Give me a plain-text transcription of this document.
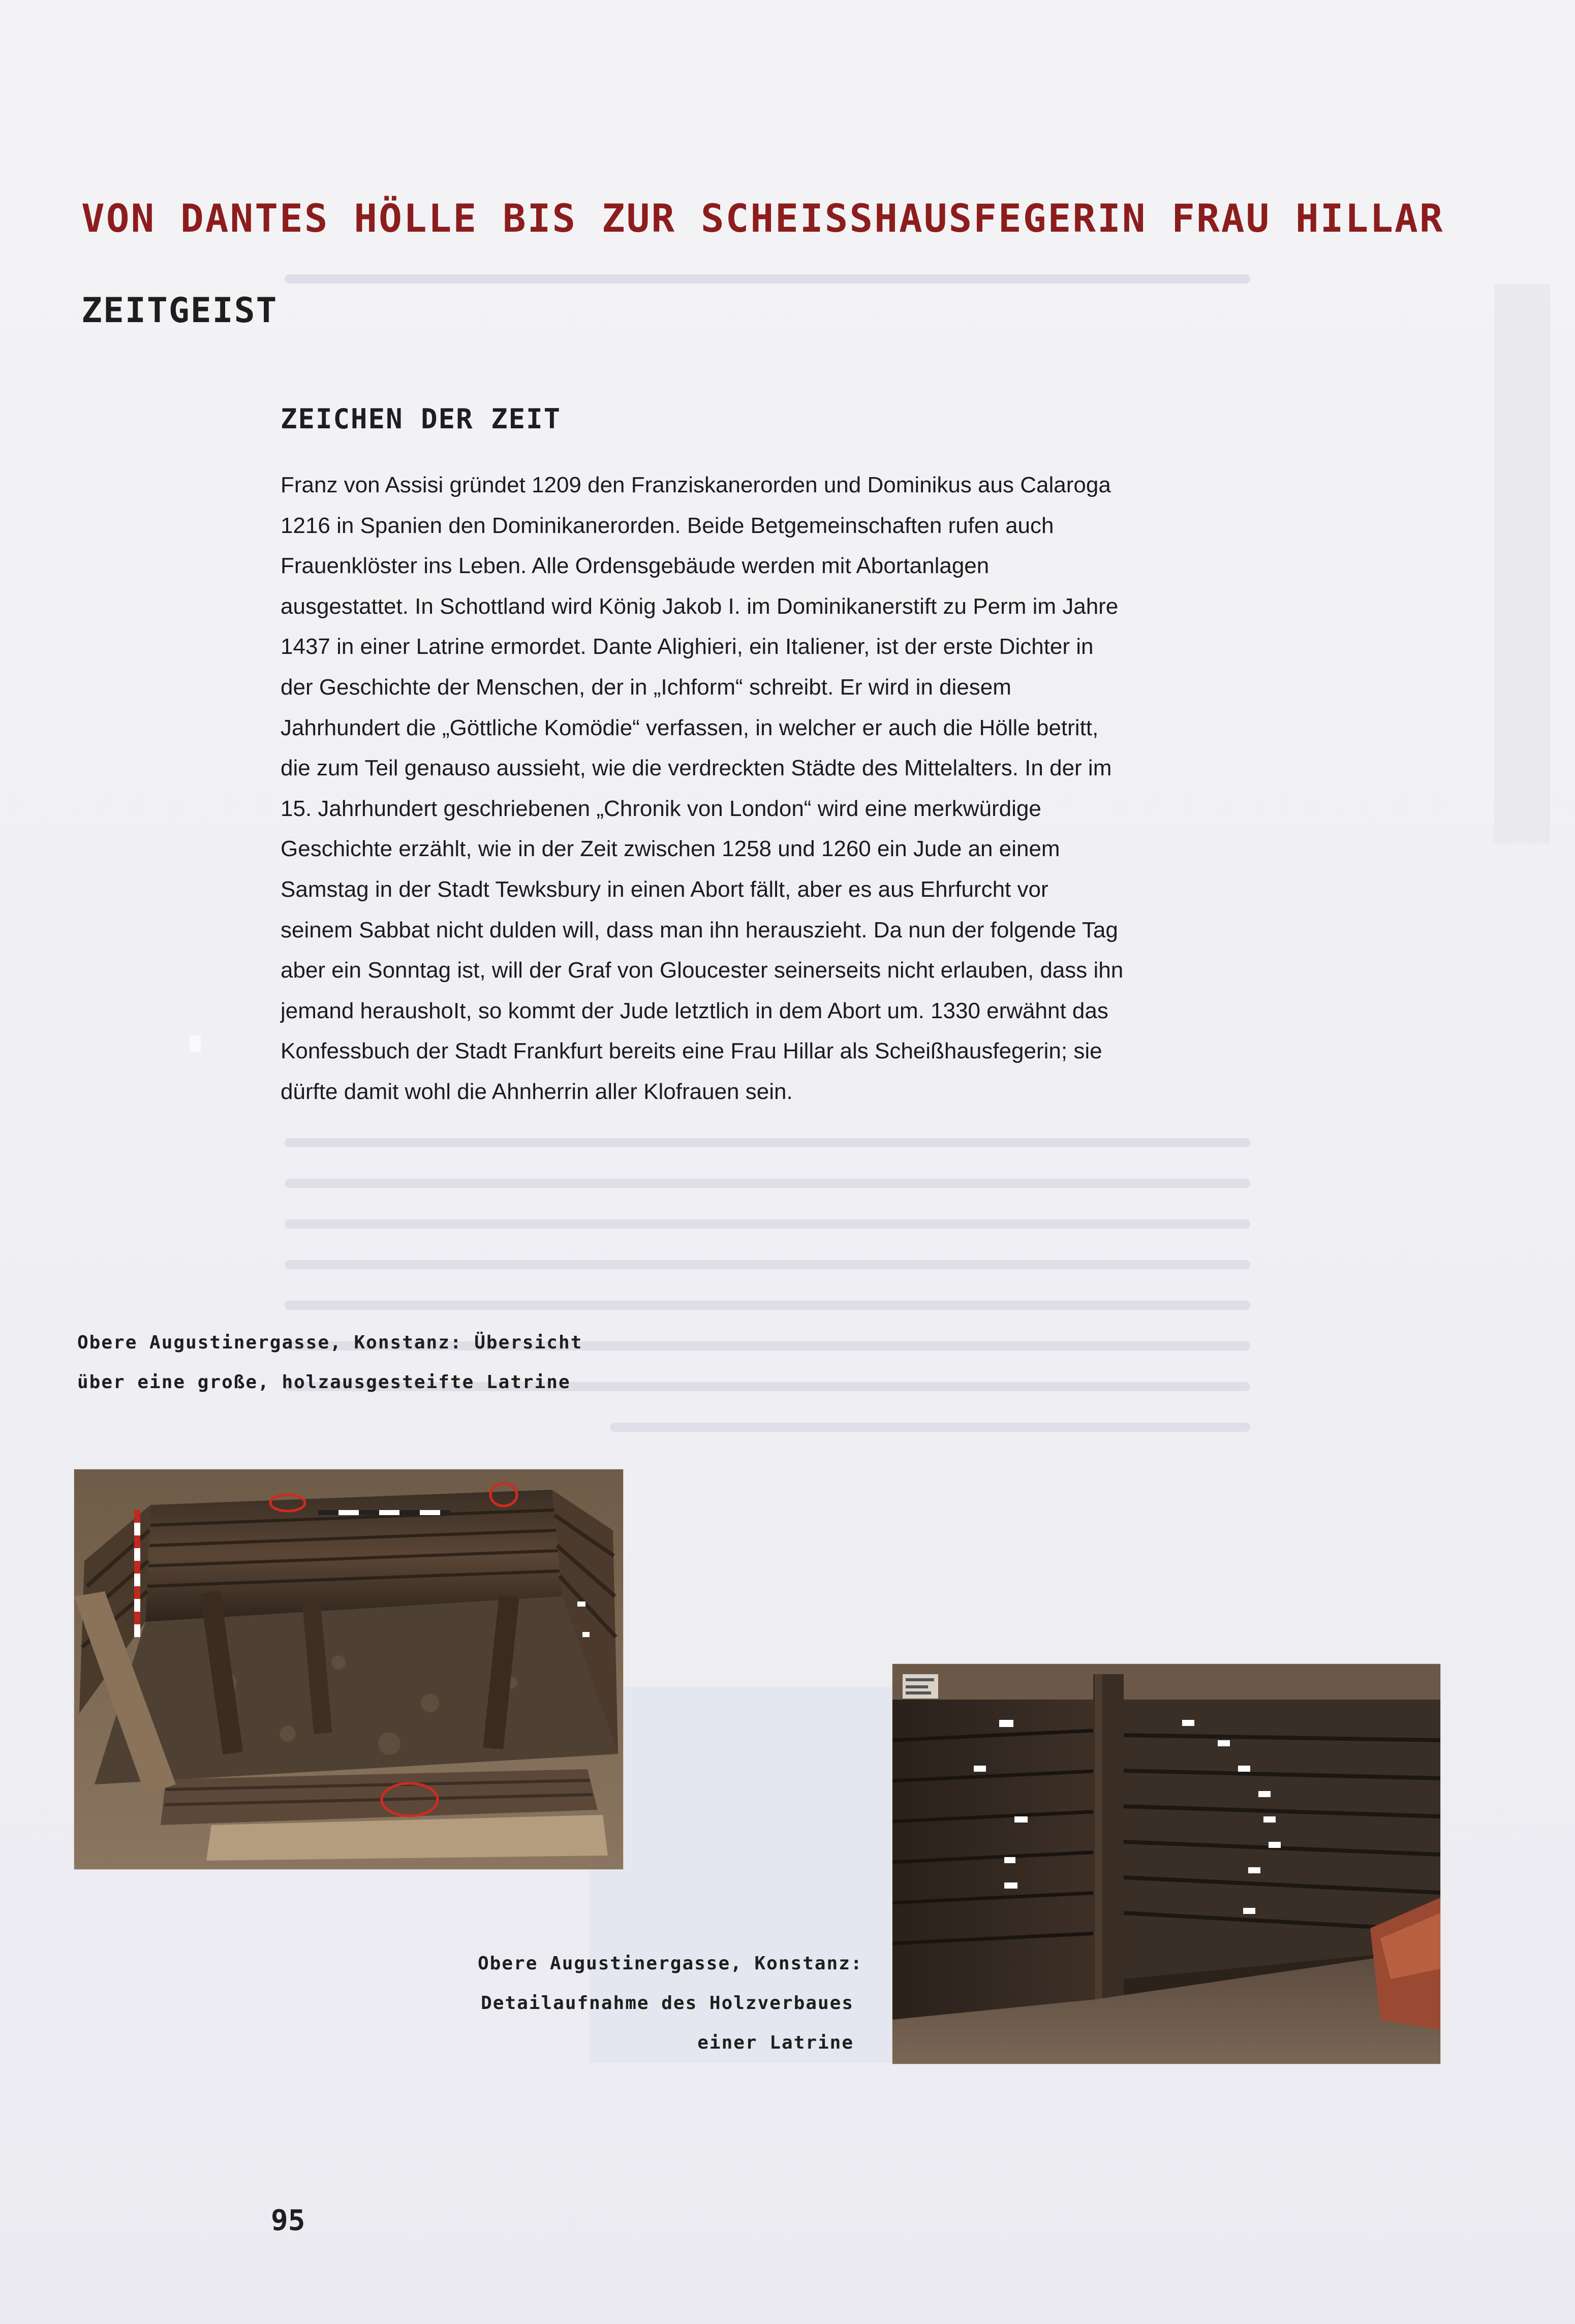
VON DANTES HÖLLE BIS ZUR SCHEISSHAUSFEGERIN FRAU HILLAR
ZEITGEIST
ZEICHEN DER ZEIT
Franz von Assisi gründet 1209 den Franziskanerorden und Dominikus aus Calaroga
1216 in Spanien den Dominikanerorden. Beide Betgemeinschaften rufen auch
Frauenklöster ins Leben. Alle Ordensgebäude werden mit Abortanlagen
ausgestattet. In Schottland wird König Jakob I. im Dominikanerstift zu Perm im Jahre
1437 in einer Latrine ermordet. Dante Alighieri, ein Italiener, ist der erste Dichter in
der Geschichte der Menschen, der in „Ichform“ schreibt. Er wird in diesem
Jahrhundert die „Göttliche Komödie“ verfassen, in welcher er auch die Hölle betritt,
die zum Teil genauso aussieht, wie die verdreckten Städte des Mittelalters. In der im
15. Jahrhundert geschriebenen „Chronik von London“ wird eine merkwürdige
Geschichte erzählt, wie in der Zeit zwischen 1258 und 1260 ein Jude an einem
Samstag in der Stadt Tewksbury in einen Abort fällt, aber es aus Ehrfurcht vor
seinem Sabbat nicht dulden will, dass man ihn herauszieht. Da nun der folgende Tag
aber ein Sonntag ist, will der Graf von Gloucester seinerseits nicht erlauben, dass ihn
jemand heraushoIt, so kommt der Jude letztlich in dem Abort um. 1330 erwähnt das
Konfessbuch der Stadt Frankfurt bereits eine Frau Hillar als Scheißhausfegerin; sie
dürfte damit wohl die Ahnherrin aller Klofrauen sein.
Obere Augustinergasse, Konstanz: Übersicht
über eine große, holzausgesteifte Latrine
Obere Augustinergasse, Konstanz:
Detailaufnahme des Holzverbaues
einer Latrine
95
